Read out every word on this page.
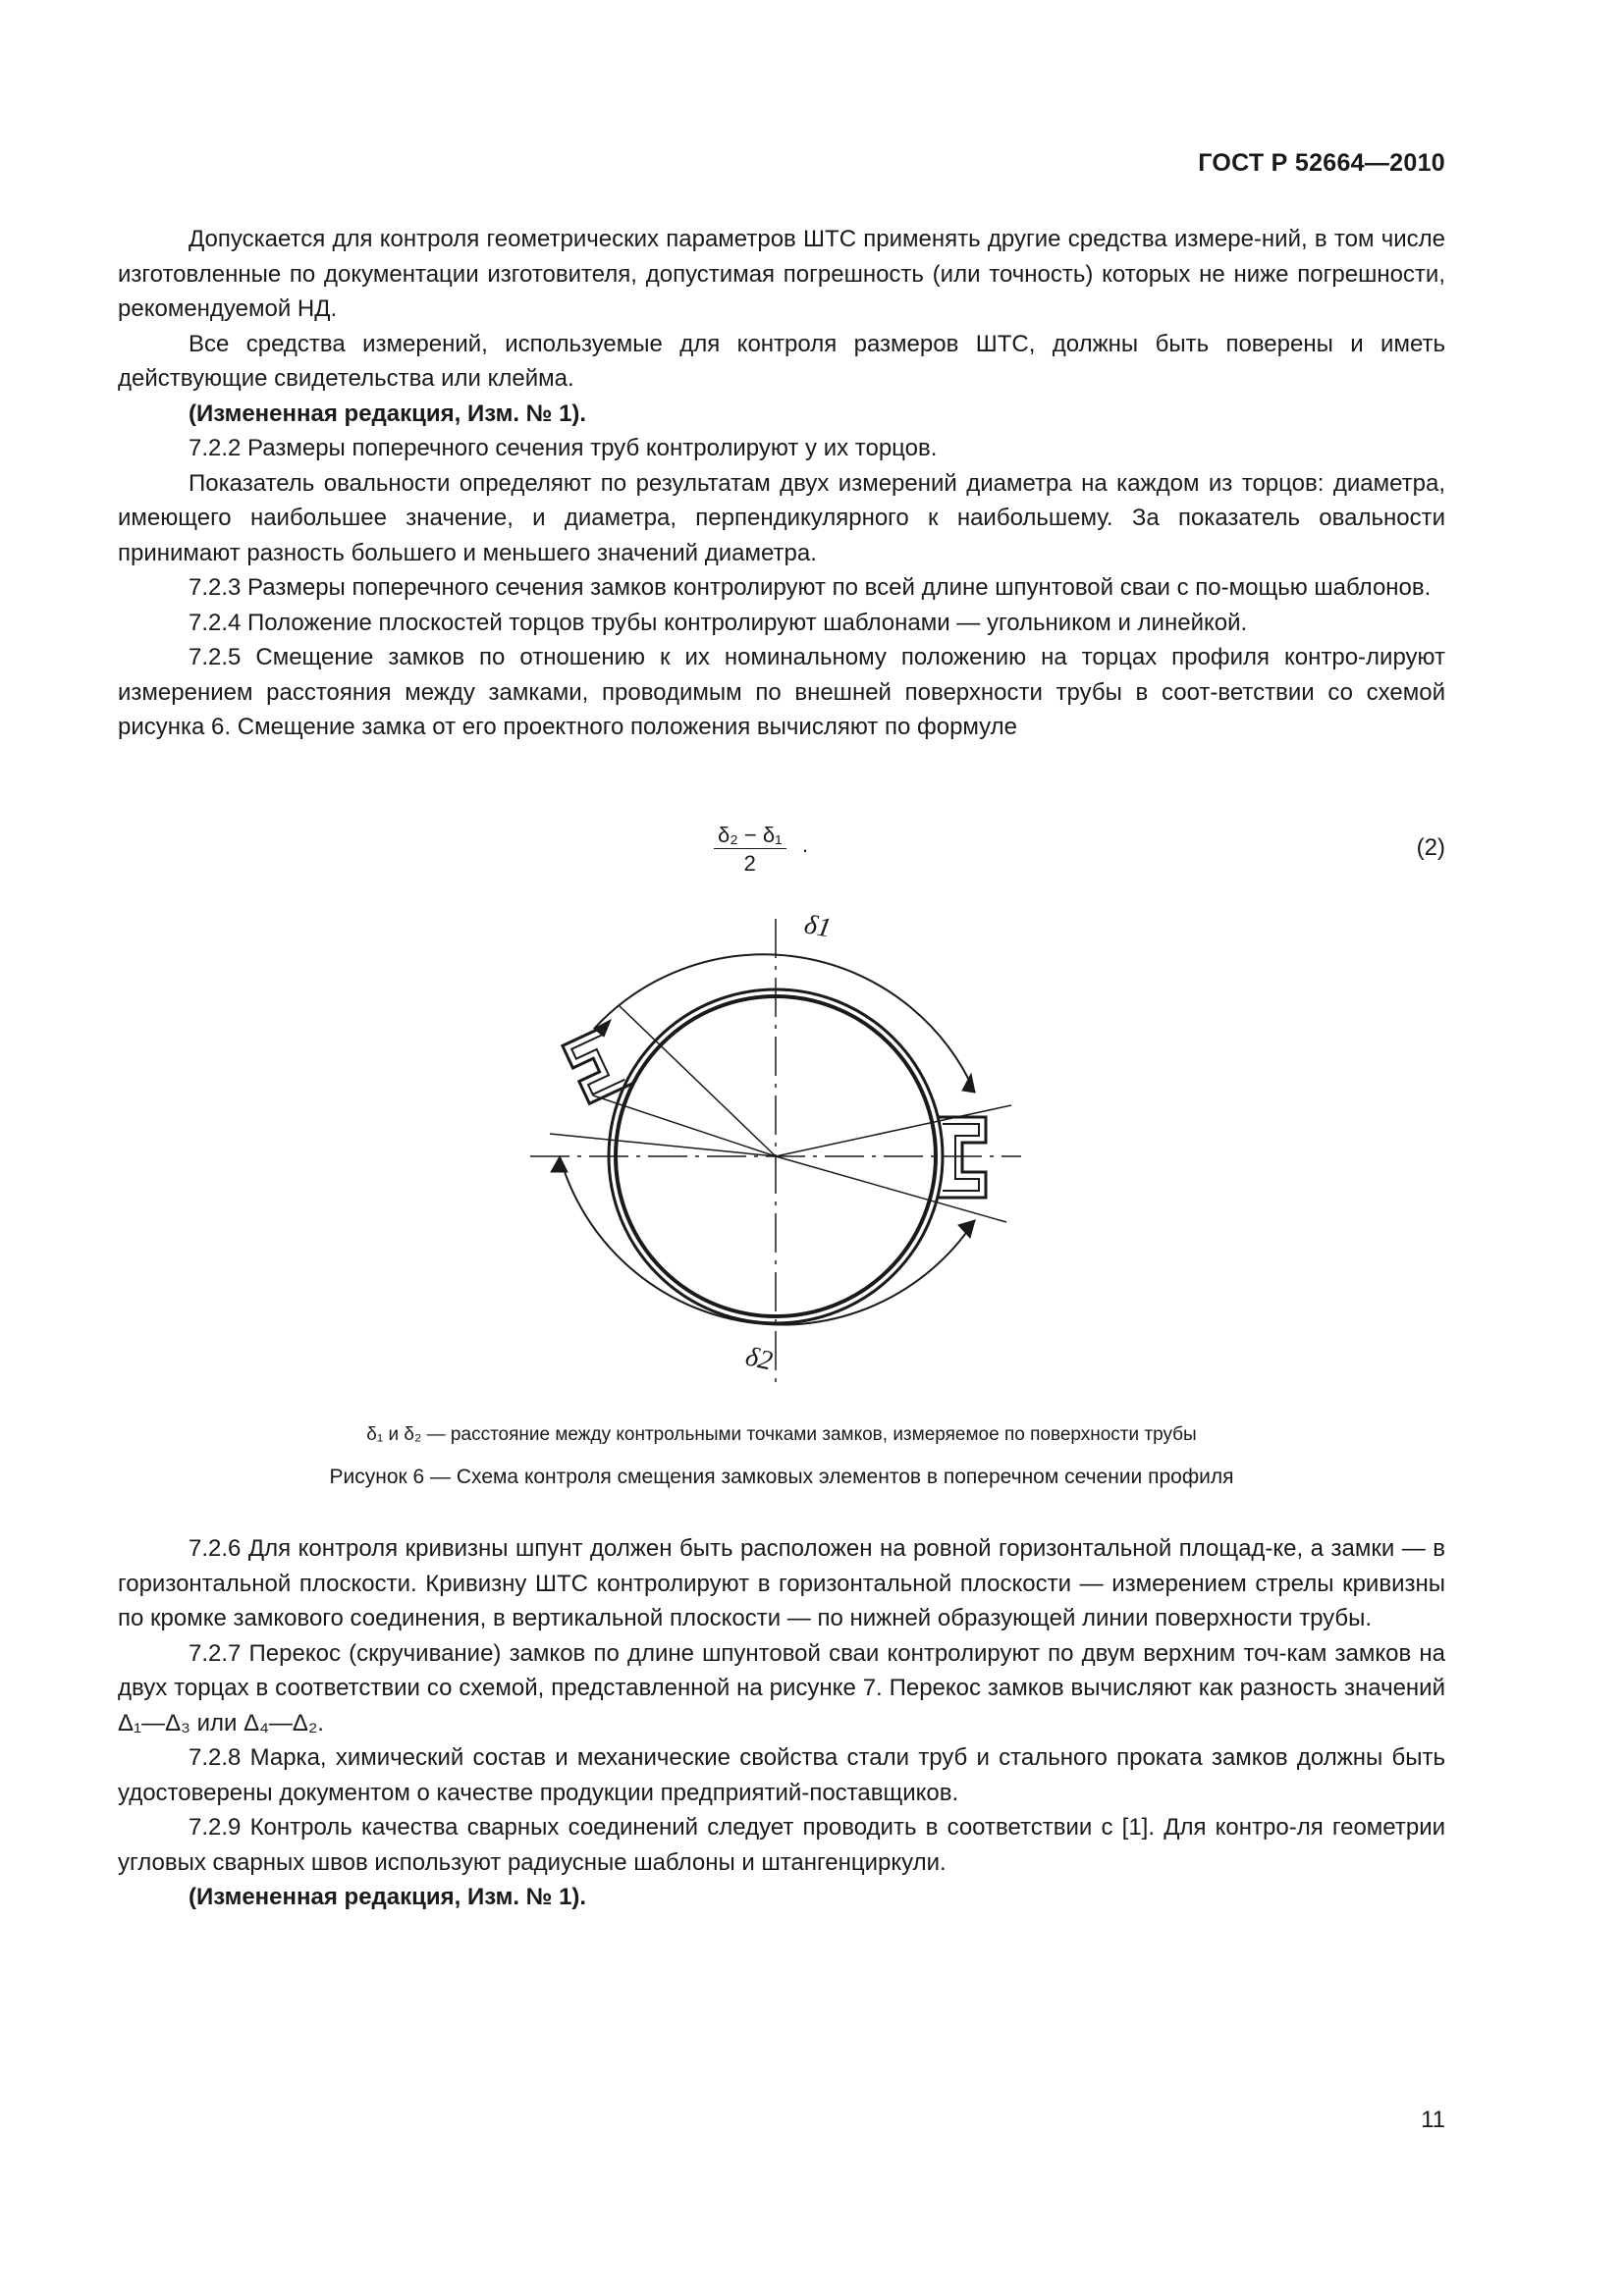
ГОСТ Р 52664—2010

Допускается для контроля геометрических параметров ШТС применять другие средства измере-ний, в том числе изготовленные по документации изготовителя, допустимая погрешность (или точность) которых не ниже погрешности, рекомендуемой НД.

Все средства измерений, используемые для контроля размеров ШТС, должны быть поверены и иметь действующие свидетельства или клейма.

(Измененная редакция, Изм. № 1).

7.2.2 Размеры поперечного сечения труб контролируют у их торцов.

Показатель овальности определяют по результатам двух измерений диаметра на каждом из торцов: диаметра, имеющего наибольшее значение, и диаметра, перпендикулярного к наибольшему. За показатель овальности принимают разность большего и меньшего значений диаметра.

7.2.3 Размеры поперечного сечения замков контролируют по всей длине шпунтовой сваи с по-мощью шаблонов.

7.2.4 Положение плоскостей торцов трубы контролируют шаблонами — угольником и линейкой.

7.2.5 Смещение замков по отношению к их номинальному положению на торцах профиля контро-лируют измерением расстояния между замками, проводимым по внешней поверхности трубы в соот-ветствии со схемой рисунка 6. Смещение замка от его проектного положения вычисляют по формуле

$\frac{\text{δ₂ − δ₁}}{2}$ .	(2)
δ1
δ2
δ₁ и δ₂ — расстояние между контрольными точками замков, измеряемое по поверхности трубы
Рисунок 6 — Схема контроля смещения замковых элементов в поперечном сечении профиля

7.2.6 Для контроля кривизны шпунт должен быть расположен на ровной горизонтальной площад-ке, а замки — в горизонтальной плоскости. Кривизну ШТС контролируют в горизонтальной плоскости — измерением стрелы кривизны по кромке замкового соединения, в вертикальной плоскости — по нижней образующей линии поверхности трубы.

7.2.7 Перекос (скручивание) замков по длине шпунтовой сваи контролируют по двум верхним точ-кам замков на двух торцах в соответствии со схемой, представленной на рисунке 7. Перекос замков вычисляют как разность значений Δ₁—Δ₃ или Δ₄—Δ₂.

7.2.8 Марка, химический состав и механические свойства стали труб и стального проката замков должны быть удостоверены документом о качестве продукции предприятий-поставщиков.

7.2.9 Контроль качества сварных соединений следует проводить в соответствии с [1]. Для контро-ля геометрии угловых сварных швов используют радиусные шаблоны и штангенциркули.

(Измененная редакция, Изм. № 1).

11
